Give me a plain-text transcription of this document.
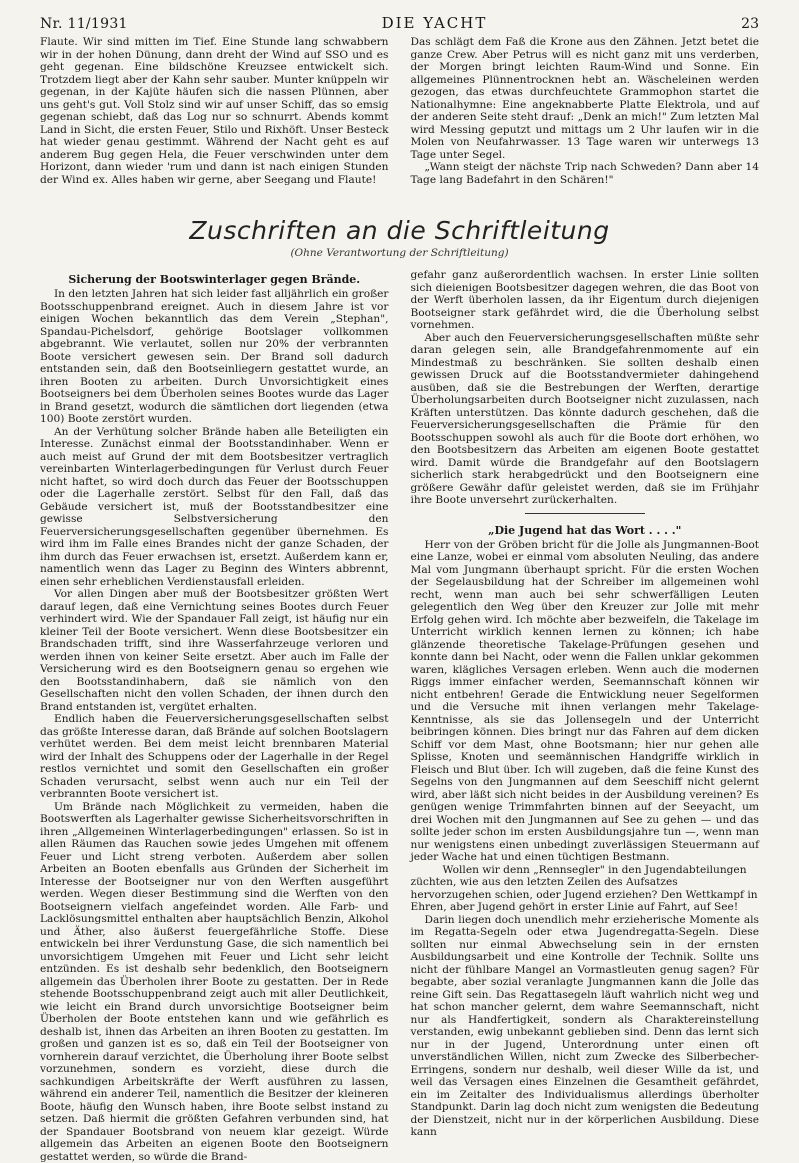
Nr. 11/1931	DIE YACHT	23

Flaute. Wir sind mitten im Tief. Eine Stunde lang schwabbern wir in der hohen Dünung, dann dreht der Wind auf SSO und es geht gegenan. Eine bildschöne Kreuzsee entwickelt sich. Trotzdem liegt aber der Kahn sehr sauber. Munter knüppeln wir gegenan, in der Kajüte häufen sich die nassen Plünnen, aber uns geht's gut. Voll Stolz sind wir auf unser Schiff, das so emsig gegenan schiebt, daß das Log nur so schnurrt. Abends kommt Land in Sicht, die ersten Feuer, Stilo und Rixhöft. Unser Besteck hat wieder genau gestimmt. Während der Nacht geht es auf anderem Bug gegen Hela, die Feuer verschwinden unter dem Horizont, dann wieder 'rum und dann ist nach einigen Stunden der Wind ex. Alles haben wir gerne, aber Seegang und Flaute!

Das schlägt dem Faß die Krone aus den Zähnen. Jetzt betet die ganze Crew. Aber Petrus will es nicht ganz mit uns verderben, der Morgen bringt leichten Raum-Wind und Sonne. Ein allgemeines Plünnentrocknen hebt an. Wäscheleinen werden gezogen, das etwas durchfeuchtete Grammophon startet die Nationalhymne: Eine angeknabberte Platte Elektrola, und auf der anderen Seite steht drauf: „Denk an mich!" Zum letzten Mal wird Messing geputzt und mittags um 2 Uhr laufen wir in die Molen von Neufahrwasser. 13 Tage waren wir unterwegs 13 Tage unter Segel.

„Wann steigt der nächste Trip nach Schweden? Dann aber 14 Tage lang Badefahrt in den Schären!"

Zuschriften an die Schriftleitung
(Ohne Verantwortung der Schriftleitung)
Sicherung der Bootswinterlager gegen Brände.

In den letzten Jahren hat sich leider fast alljährlich ein großer Bootsschuppenbrand ereignet. Auch in diesem Jahre ist vor einigen Wochen bekanntlich das dem Verein „Stephan", Spandau-Pichelsdorf, gehörige Bootslager vollkommen abgebrannt. Wie verlautet, sollen nur 20% der verbrannten Boote versichert gewesen sein. Der Brand soll dadurch entstanden sein, daß den Bootseinliegern gestattet wurde, an ihren Booten zu arbeiten. Durch Unvorsichtigkeit eines Bootseigners bei dem Überholen seines Bootes wurde das Lager in Brand gesetzt, wodurch die sämtlichen dort liegenden (etwa 100) Boote zerstört wurden.

An der Verhütung solcher Brände haben alle Beteiligten ein Interesse. Zunächst einmal der Bootsstandinhaber. Wenn er auch meist auf Grund der mit dem Bootsbesitzer vertraglich vereinbarten Winterlagerbedingungen für Verlust durch Feuer nicht haftet, so wird doch durch das Feuer der Bootsschuppen oder die Lagerhalle zerstört. Selbst für den Fall, daß das Gebäude versichert ist, muß der Bootsstandbesitzer eine gewisse Selbstversicherung den Feuerversicherungsgesellschaften gegenüber übernehmen. Es wird ihm im Falle eines Brandes nicht der ganze Schaden, der ihm durch das Feuer erwachsen ist, ersetzt. Außerdem kann er, namentlich wenn das Lager zu Beginn des Winters abbrennt, einen sehr erheblichen Verdienstausfall erleiden.

Vor allen Dingen aber muß der Bootsbesitzer größten Wert darauf legen, daß eine Vernichtung seines Bootes durch Feuer verhindert wird. Wie der Spandauer Fall zeigt, ist häufig nur ein kleiner Teil der Boote versichert. Wenn diese Bootsbesitzer ein Brandschaden trifft, sind ihre Wasserfahrzeuge verloren und werden ihnen von keiner Seite ersetzt. Aber auch im Falle der Versicherung wird es den Bootseignern genau so ergehen wie den Bootsstandinhabern, daß sie nämlich von den Gesellschaften nicht den vollen Schaden, der ihnen durch den Brand entstanden ist, vergütet erhalten.

Endlich haben die Feuerversicherungsgesellschaften selbst das größte Interesse daran, daß Brände auf solchen Bootslagern verhütet werden. Bei dem meist leicht brennbaren Material wird der Inhalt des Schuppens oder der Lagerhalle in der Regel restlos vernichtet und somit den Gesellschaften ein großer Schaden verursacht, selbst wenn auch nur ein Teil der verbrannten Boote versichert ist.

Um Brände nach Möglichkeit zu vermeiden, haben die Bootswerften als Lagerhalter gewisse Sicherheitsvorschriften in ihren „Allgemeinen Winterlagerbedingungen" erlassen. So ist in allen Räumen das Rauchen sowie jedes Umgehen mit offenem Feuer und Licht streng verboten. Außerdem aber sollen Arbeiten an Booten ebenfalls aus Gründen der Sicherheit im Interesse der Bootseigner nur von den Werften ausgeführt werden. Wegen dieser Bestimmung sind die Werften von den Bootseignern vielfach angefeindet worden. Alle Farb- und Lacklösungsmittel enthalten aber hauptsächlich Benzin, Alkohol und Äther, also äußerst feuergefährliche Stoffe. Diese entwickeln bei ihrer Verdunstung Gase, die sich namentlich bei unvorsichtigem Umgehen mit Feuer und Licht sehr leicht entzünden. Es ist deshalb sehr bedenklich, den Bootseignern allgemein das Überholen ihrer Boote zu gestatten. Der in Rede stehende Bootsschuppenbrand zeigt auch mit aller Deutlichkeit, wie leicht ein Brand durch unvorsichtige Bootseigner beim Überholen der Boote entstehen kann und wie gefährlich es deshalb ist, ihnen das Arbeiten an ihren Booten zu gestatten. Im großen und ganzen ist es so, daß ein Teil der Bootseigner von vornherein darauf verzichtet, die Überholung ihrer Boote selbst vorzunehmen, sondern es vorzieht, diese durch die sachkundigen Arbeitskräfte der Werft ausführen zu lassen, während ein anderer Teil, namentlich die Besitzer der kleineren Boote, häufig den Wunsch haben, ihre Boote selbst instand zu setzen. Daß hiermit die größten Gefahren verbunden sind, hat der Spandauer Bootsbrand von neuem klar gezeigt. Würde allgemein das Arbeiten an eigenen Boote den Bootseignern gestattet werden, so würde die Brand-

gefahr ganz außerordentlich wachsen. In erster Linie sollten sich dieienigen Bootsbesitzer dagegen wehren, die das Boot von der Werft überholen lassen, da ihr Eigentum durch diejenigen Bootseigner stark gefährdet wird, die die Überholung selbst vornehmen.

Aber auch den Feuerversicherungsgesellschaften müßte sehr daran gelegen sein, alle Brandgefahrenmomente auf ein Mindestmaß zu beschränken. Sie sollten deshalb einen gewissen Druck auf die Bootsstandvermieter dahingehend ausüben, daß sie die Bestrebungen der Werften, derartige Überholungsarbeiten durch Bootseigner nicht zuzulassen, nach Kräften unterstützen. Das könnte dadurch geschehen, daß die Feuerversicherungsgesellschaften die Prämie für den Bootsschuppen sowohl als auch für die Boote dort erhöhen, wo den Bootsbesitzern das Arbeiten am eigenen Boote gestattet wird. Damit würde die Brandgefahr auf den Bootslagern sicherlich stark herabgedrückt und den Bootseignern eine größere Gewähr dafür geleistet werden, daß sie im Frühjahr ihre Boote unversehrt zurückerhalten.

„Die Jugend hat das Wort . . . ."

Herr von der Gröben bricht für die Jolle als Jungmannen-Boot eine Lanze, wobei er einmal vom absoluten Neuling, das andere Mal vom Jungmann überhaupt spricht. Für die ersten Wochen der Segelausbildung hat der Schreiber im allgemeinen wohl recht, wenn man auch bei sehr schwerfälligen Leuten gelegentlich den Weg über den Kreuzer zur Jolle mit mehr Erfolg gehen wird. Ich möchte aber bezweifeln, die Takelage im Unterricht wirklich kennen lernen zu können; ich habe glänzende theoretische Takelage-Prüfungen gesehen und konnte dann bei Nacht, oder wenn die Fallen unklar gekommen waren, klägliches Versagen erleben. Wenn auch die modernen Riggs immer einfacher werden, Seemannschaft können wir nicht entbehren! Gerade die Entwicklung neuer Segelformen und die Versuche mit ihnen verlangen mehr Takelage-Kenntnisse, als sie das Jollensegeln und der Unterricht beibringen können. Dies bringt nur das Fahren auf dem dicken Schiff vor dem Mast, ohne Bootsmann; hier nur gehen alle Splisse, Knoten und seemännischen Handgriffe wirklich in Fleisch und Blut über. Ich will zugeben, daß die feine Kunst des Segelns von den Jungmannen auf dem Seeschiff nicht gelernt wird, aber läßt sich nicht beides in der Ausbildung vereinen? Es genügen wenige Trimmfahrten binnen auf der Seeyacht, um drei Wochen mit den Jungmannen auf See zu gehen — und das sollte jeder schon im ersten Ausbildungsjahre tun —, wenn man nur wenigstens einen unbedingt zuverlässigen Steuermann auf jeder Wache hat und einen tüchtigen Bestmann.

Wollen wir denn „Rennsegler" in den Jugendabteilungen züchten, wie aus den letzten Zeilen des Aufsatzes hervorzugehen schien, oder Jugend erziehen? Den Wettkampf in Ehren, aber Jugend gehört in erster Linie auf Fahrt, auf See!

Darin liegen doch unendlich mehr erzieherische Momente als im Regatta-Segeln oder etwa Jugendregatta-Segeln. Diese sollten nur einmal Abwechselung sein in der ernsten Ausbildungsarbeit und eine Kontrolle der Technik. Sollte uns nicht der fühlbare Mangel an Vormastleuten genug sagen? Für begabte, aber sozial veranlagte Jungmannen kann die Jolle das reine Gift sein. Das Regattasegeln läuft wahrlich nicht weg und hat schon mancher gelernt, dem wahre Seemannschaft, nicht nur als Handfertigkeit, sondern als Charaktereinstellung verstanden, ewig unbekannt geblieben sind. Denn das lernt sich nur in der Jugend, Unterordnung unter einen oft unverständlichen Willen, nicht zum Zwecke des Silberbecher-Erringens, sondern nur deshalb, weil dieser Wille da ist, und weil das Versagen eines Einzelnen die Gesamtheit gefährdet, ein im Zeitalter des Individualismus allerdings überholter Standpunkt. Darin lag doch nicht zum wenigsten die Bedeutung der Dienstzeit, nicht nur in der körperlichen Ausbildung. Diese kann
